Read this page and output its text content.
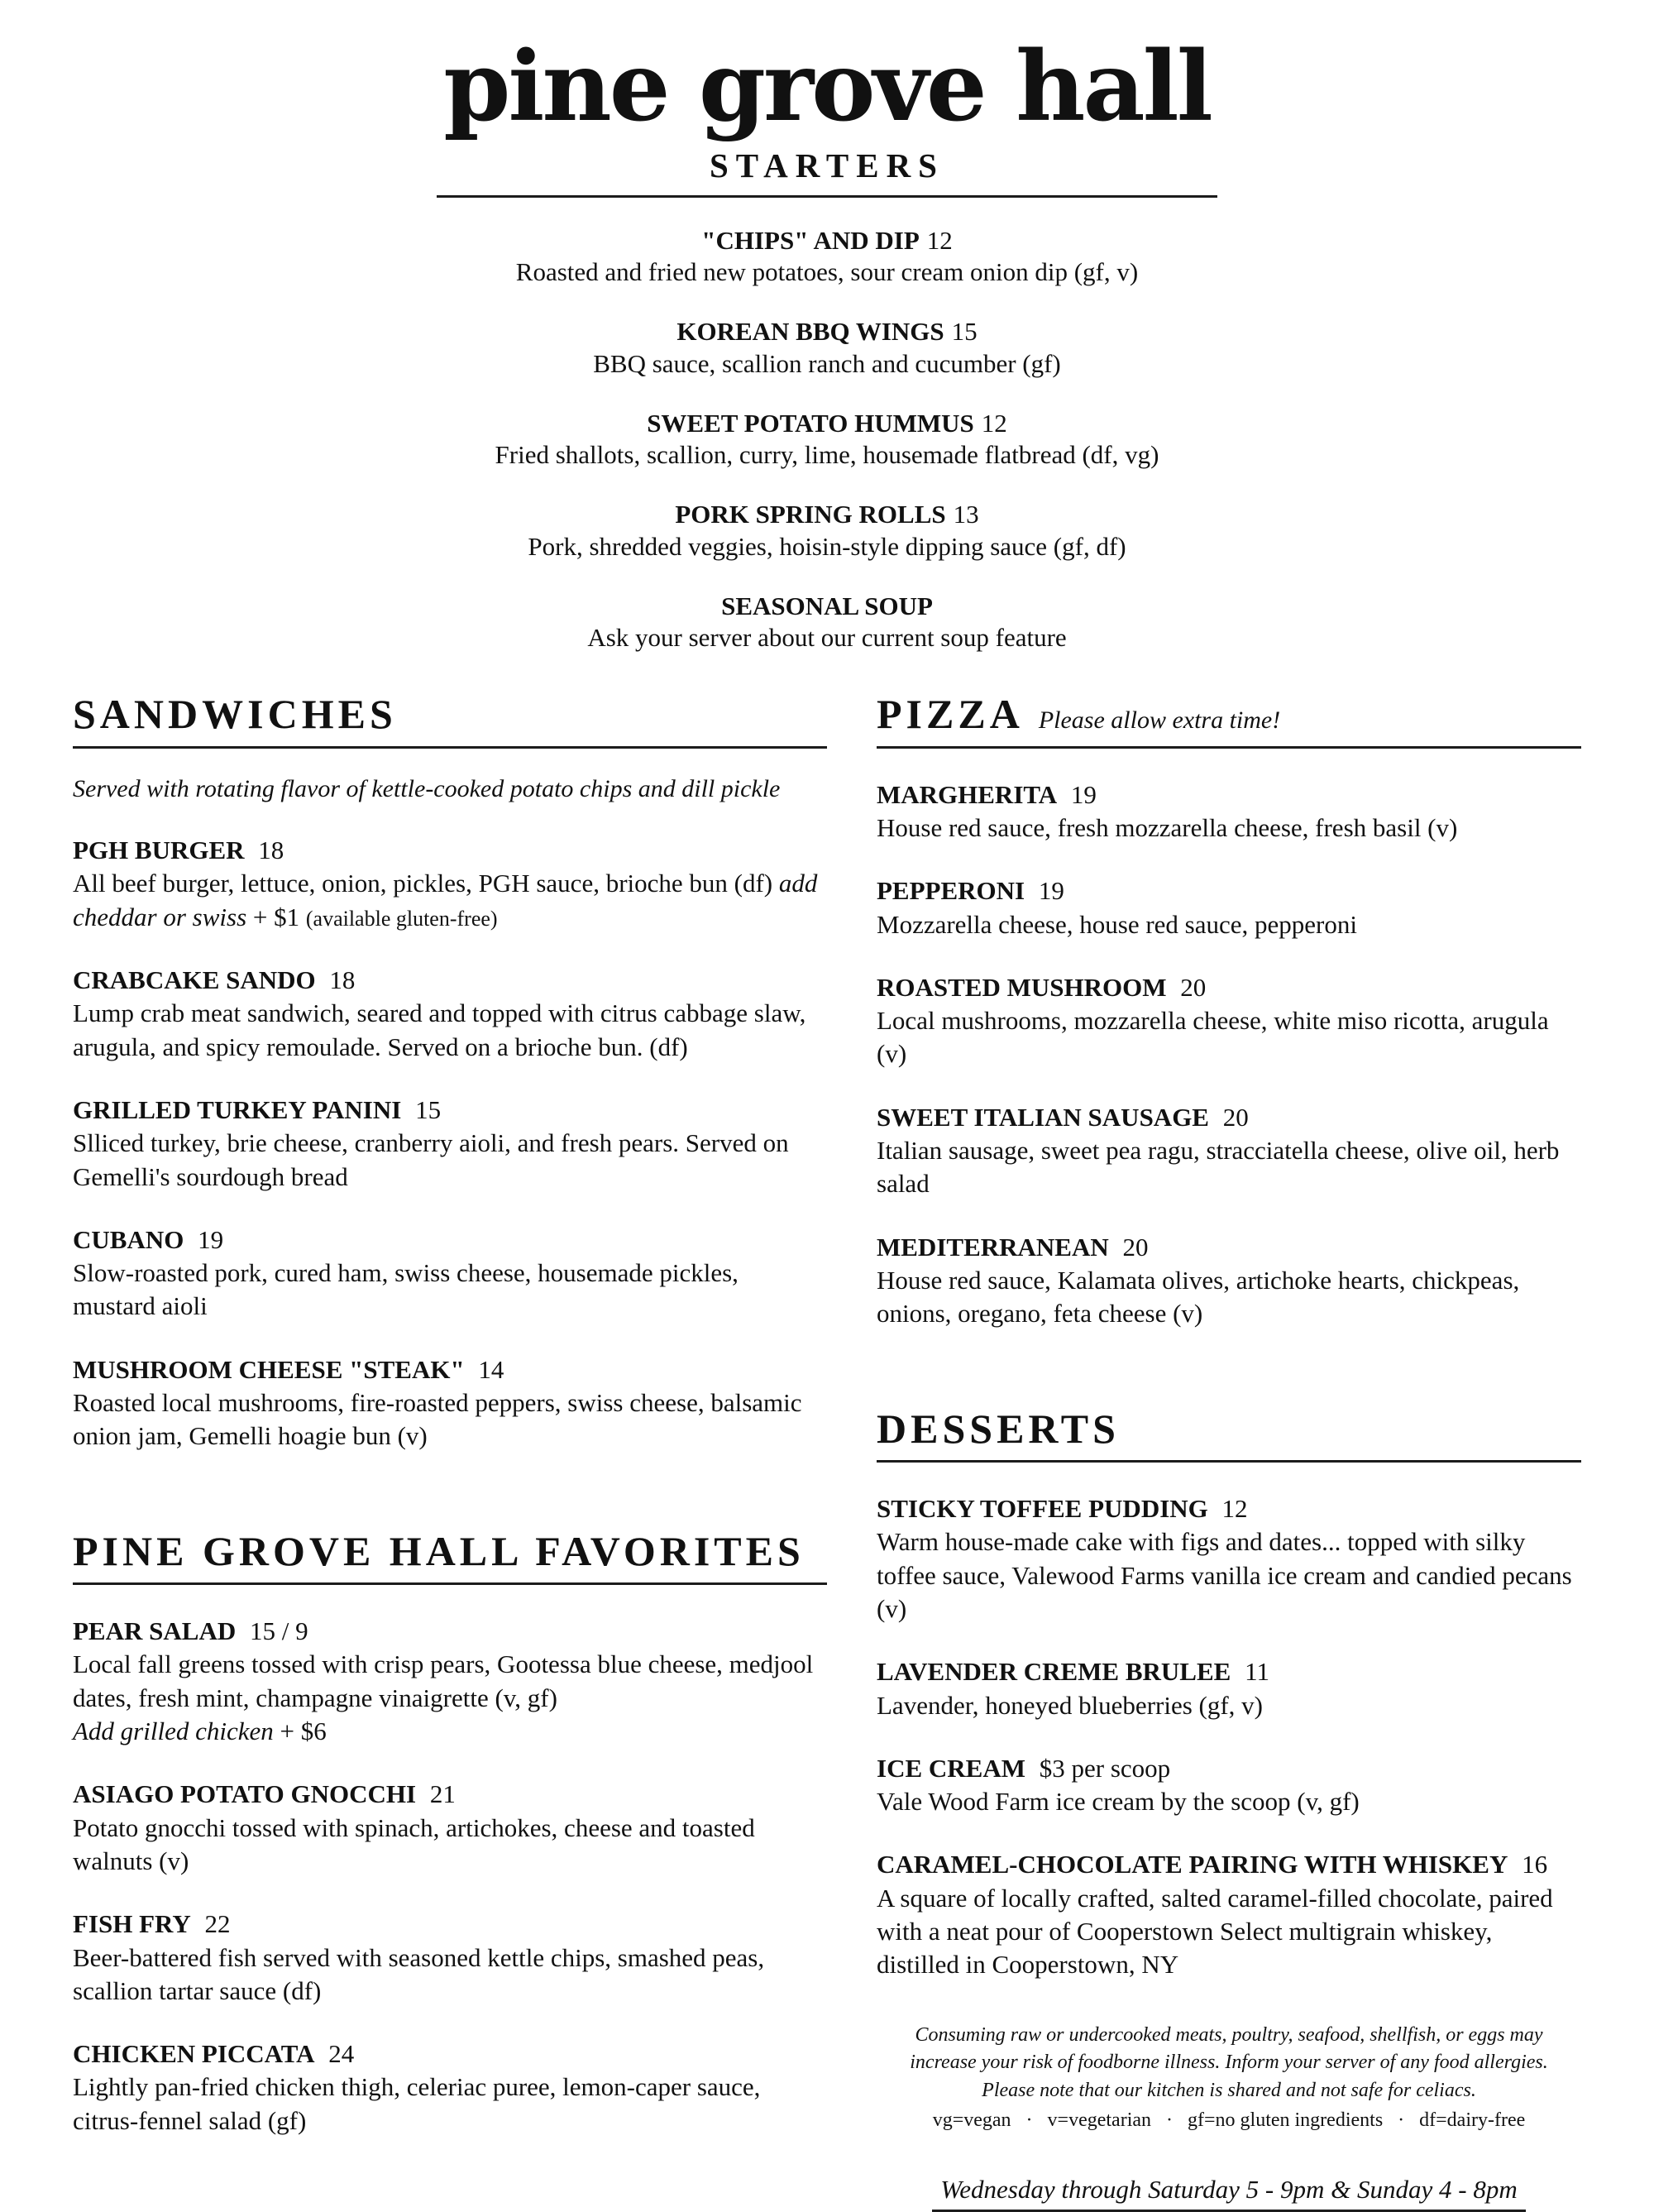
pine grove hall
STARTERS
"CHIPS" AND DIP 12
Roasted and fried new potatoes, sour cream onion dip (gf, v)
KOREAN BBQ WINGS 15
BBQ sauce, scallion ranch and cucumber (gf)
SWEET POTATO HUMMUS 12
Fried shallots, scallion, curry, lime, housemade flatbread (df, vg)
PORK SPRING ROLLS 13
Pork, shredded veggies, hoisin-style dipping sauce (gf, df)
SEASONAL SOUP
Ask your server about our current soup feature
SANDWICHES
Served with rotating flavor of kettle-cooked potato chips and dill pickle
PGH BURGER 18
All beef burger, lettuce, onion, pickles, PGH sauce, brioche bun (df) add cheddar or swiss + $1 (available gluten-free)
CRABCAKE SANDO 18
Lump crab meat sandwich, seared and topped with citrus cabbage slaw, arugula, and spicy remoulade. Served on a brioche bun. (df)
GRILLED TURKEY PANINI 15
Slliced turkey, brie cheese, cranberry aioli, and fresh pears. Served on Gemelli's sourdough bread
CUBANO 19
Slow-roasted pork, cured ham, swiss cheese, housemade pickles, mustard aioli
MUSHROOM CHEESE "STEAK" 14
Roasted local mushrooms, fire-roasted peppers, swiss cheese, balsamic onion jam, Gemelli hoagie bun (v)
PINE GROVE HALL FAVORITES
PEAR SALAD 15 / 9
Local fall greens tossed with crisp pears, Gootessa blue cheese, medjool dates, fresh mint, champagne vinaigrette (v, gf)
Add grilled chicken + $6
ASIAGO POTATO GNOCCHI 21
Potato gnocchi tossed with spinach, artichokes, cheese and toasted walnuts (v)
FISH FRY 22
Beer-battered fish served with seasoned kettle chips, smashed peas, scallion tartar sauce (df)
CHICKEN PICCATA 24
Lightly pan-fried chicken thigh, celeriac puree, lemon-caper sauce, citrus-fennel salad (gf)
PIZZA Please allow extra time!
MARGHERITA 19
House red sauce, fresh mozzarella cheese, fresh basil (v)
PEPPERONI 19
Mozzarella cheese, house red sauce, pepperoni
ROASTED MUSHROOM 20
Local mushrooms, mozzarella cheese, white miso ricotta, arugula (v)
SWEET ITALIAN SAUSAGE 20
Italian sausage, sweet pea ragu, stracciatella cheese, olive oil, herb salad
MEDITERRANEAN 20
House red sauce, Kalamata olives, artichoke hearts, chickpeas, onions, oregano, feta cheese (v)
DESSERTS
STICKY TOFFEE PUDDING 12
Warm house-made cake with figs and dates... topped with silky toffee sauce, Valewood Farms vanilla ice cream and candied pecans (v)
LAVENDER CREME BRULEE 11
Lavender, honeyed blueberries (gf, v)
ICE CREAM $3 per scoop
Vale Wood Farm ice cream by the scoop (v, gf)
CARAMEL-CHOCOLATE PAIRING WITH WHISKEY 16
A square of locally crafted, salted caramel-filled chocolate, paired with a neat pour of Cooperstown Select multigrain whiskey, distilled in Cooperstown, NY
Consuming raw or undercooked meats, poultry, seafood, shellfish, or eggs may
increase your risk of foodborne illness. Inform your server of any food allergies.
Please note that our kitchen is shared and not safe for celiacs.
vg=vegan   ·   v=vegetarian   ·   gf=no gluten ingredients   ·   df=dairy-free
Wednesday through Saturday 5 - 9pm & Sunday 4 - 8pm
